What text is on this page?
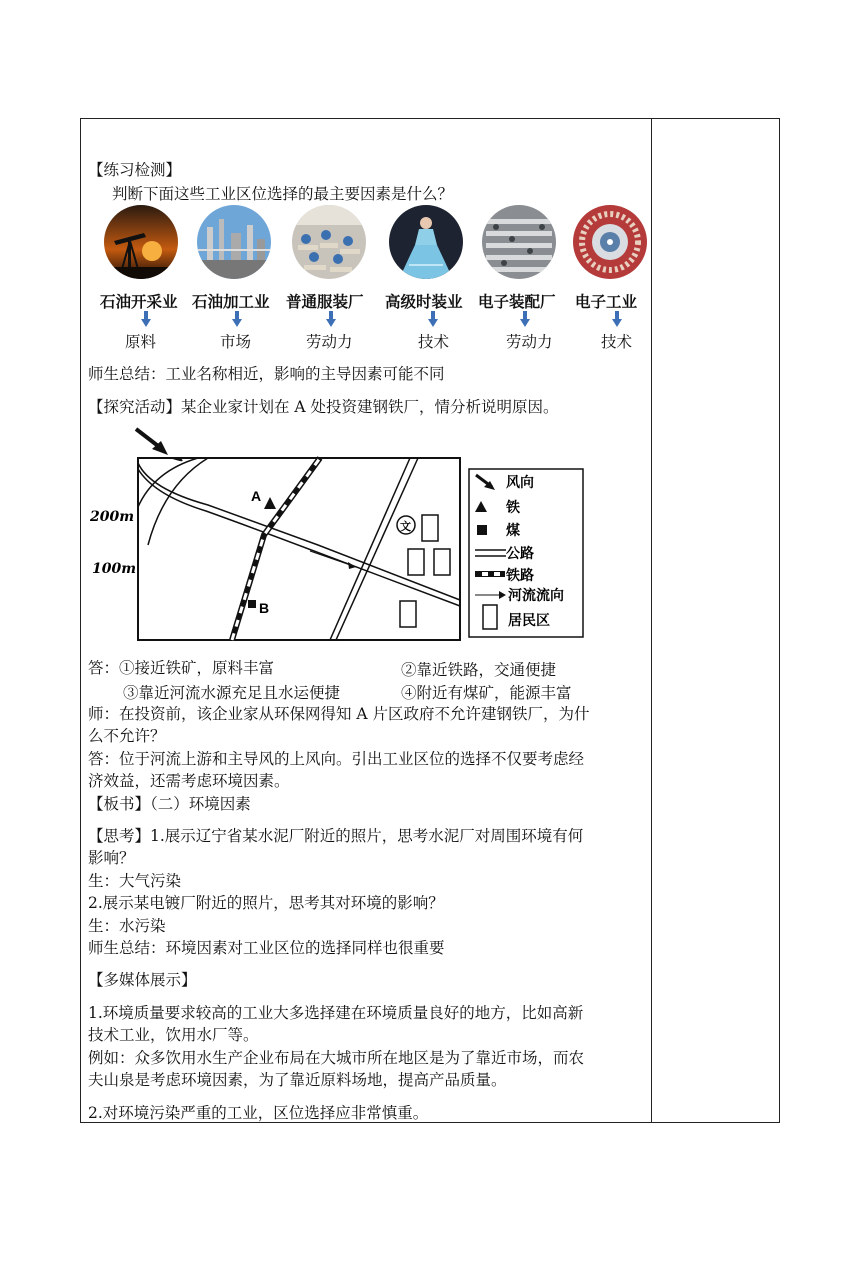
【练习检测】
判断下面这些工业区位选择的最主要因素是什么？
石油开采业 石油加工业 普通服装厂 高级时装业 电子装配厂 电子工业
原料	市场	劳动力	技术	劳动力	技术
师生总结：工业名称相近，影响的主导因素可能不同
【探究活动】某企业家计划在 A 处投资建钢铁厂，情分析说明原因。
A
B
文
200m
100m
风向
铁
煤
公路
铁路
河流流向
居民区
答：①接近铁矿，原料丰富	②靠近铁路，交通便捷
③靠近河流水源充足且水运便捷	④附近有煤矿，能源丰富
师：在投资前，该企业家从环保网得知 A 片区政府不允许建钢铁厂，为什
么不允许？
答：位于河流上游和主导风的上风向。引出工业区位的选择不仅要考虑经
济效益，还需考虑环境因素。
【板书】（二）环境因素
【思考】1.展示辽宁省某水泥厂附近的照片，思考水泥厂对周围环境有何
影响？
生：大气污染
2.展示某电镀厂附近的照片，思考其对环境的影响？
生：水污染
师生总结：环境因素对工业区位的选择同样也很重要
【多媒体展示】
1.环境质量要求较高的工业大多选择建在环境质量良好的地方，比如高新
技术工业，饮用水厂等。
例如：众多饮用水生产企业布局在大城市所在地区是为了靠近市场，而农
夫山泉是考虑环境因素，为了靠近原料场地，提高产品质量。
2.对环境污染严重的工业，区位选择应非常慎重。
